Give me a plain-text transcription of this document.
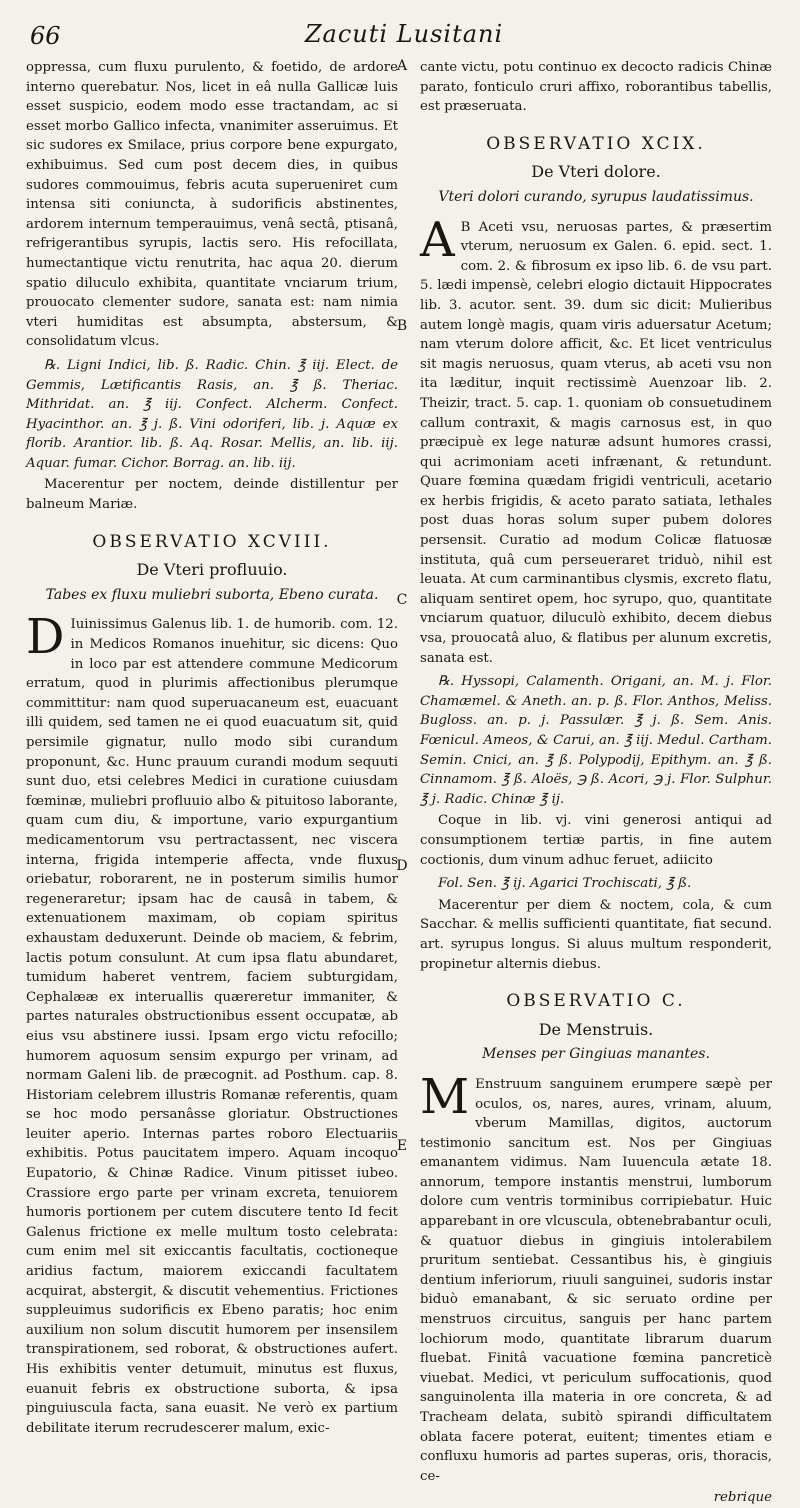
66	Zacuti Lusitani
A
B
C
D
E

oppressa, cum fluxu purulento, & foetido, de ardore interno querebatur. Nos, licet in eâ nulla Gallicæ luis esset suspicio, eodem modo esse tractandam, ac si esset morbo Gallico infecta, vnanimiter asseruimus. Et sic sudores ex Smilace, prius corpore bene expurgato, exhibuimus. Sed cum post decem dies, in quibus sudores commouimus, febris acuta superueniret cum intensa siti coniuncta, à sudorificis abstinentes, ardorem internum temperauimus, venâ sectâ, ptisanâ, refrigerantibus syrupis, lactis sero. His refocillata, humectantique victu renutrita, hac aqua 20. dierum spatio diluculo exhibita, quantitate vnciarum trium, prouocato clementer sudore, sanata est: nam nimia vteri humiditas est absumpta, abstersum, & consolidatum vlcus.

℞. Ligni Indici, lib. ß. Radic. Chin. ℥ iij. Elect. de Gemmis, Lætificantis Rasis, an. ℥ ß. Theriac. Mithridat. an. ℥ iij. Confect. Alcherm. Confect. Hyacinthor. an. ℥ j. ß. Vini odoriferi, lib. j. Aquæ ex florib. Arantior. lib. ß. Aq. Rosar. Mellis, an. lib. iij. Aquar. fumar. Cichor. Borrag. an. lib. iij.

Macerentur per noctem, deinde distillentur per balneum Mariæ.

OBSERVATIO XCVIII.
De Vteri profluuio.
Tabes ex fluxu muliebri suborta, Ebeno curata.

D Iuinissimus Galenus lib. 1. de humorib. com. 12. in Medicos Romanos inuehitur, sic dicens: Quo in loco par est attendere commune Medicorum erratum, quod in plurimis affectionibus plerumque committitur: nam quod superuacaneum est, euacuant illi quidem, sed tamen ne ei quod euacuatum sit, quid persimile gignatur, nullo modo sibi curandum proponunt, &c. Hunc prauum curandi modum sequuti sunt duo, etsi celebres Medici in curatione cuiusdam fœminæ, muliebri profluuio albo & pituitoso laborante, quam cum diu, & importune, vario expurgantium medicamentorum vsu pertractassent, nec viscera interna, frigida intemperie affecta, vnde fluxus oriebatur, roborarent, ne in posterum similis humor regeneraretur; ipsam hac de causâ in tabem, & extenuationem maximam, ob copiam spiritus exhaustam deduxerunt. Deinde ob maciem, & febrim, lactis potum consulunt. At cum ipsa flatu abundaret, tumidum haberet ventrem, faciem subturgidam, Cephalææ ex interuallis quæreretur immaniter, & partes naturales obstructionibus essent occupatæ, ab eius vsu abstinere iussi. Ipsam ergo victu refocillo; humorem aquosum sensim expurgo per vrinam, ad normam Galeni lib. de præcognit. ad Posthum. cap. 8. Historiam celebrem illustris Romanæ referentis, quam se hoc modo persanâsse gloriatur. Obstructiones leuiter aperio. Internas partes roboro Electuariis exhibitis. Potus paucitatem impero. Aquam incoquo Eupatorio, & Chinæ Radice. Vinum pitisset iubeo. Crassiore ergo parte per vrinam excreta, tenuiorem humoris portionem per cutem discutere tento Id fecit Galenus frictione ex melle multum tosto celebrata: cum enim mel sit exiccantis facultatis, coctioneque aridius factum, maiorem exiccandi facultatem acquirat, abstergit, & discutit vehementius. Frictiones suppleuimus sudorificis ex Ebeno paratis; hoc enim auxilium non solum discutit humorem per insensilem transpirationem, sed roborat, & obstructiones aufert. His exhibitis venter detumuit, minutus est fluxus, euanuit febris ex obstructione suborta, & ipsa pinguiuscula facta, sana euasit. Ne verò ex partium debilitate iterum recrudescerer malum, exic-

cante victu, potu continuo ex decocto radicis Chinæ parato, fonticulo cruri affixo, roborantibus tabellis, est præseruata.

OBSERVATIO XCIX.
De Vteri dolore.
Vteri dolori curando, syrupus laudatissimus.

A B Aceti vsu, neruosas partes, & præsertim vterum, neruosum ex Galen. 6. epid. sect. 1. com. 2. & fibrosum ex ipso lib. 6. de vsu part. 5. lædi impensè, celebri elogio dictauit Hippocrates lib. 3. acutor. sent. 39. dum sic dicit: Mulieribus autem longè magis, quam viris aduersatur Acetum; nam vterum dolore afficit, &c. Et licet ventriculus sit magis neruosus, quam vterus, ab aceti vsu non ita læditur, inquit rectissimè Auenzoar lib. 2. Theizir, tract. 5. cap. 1. quoniam ob consuetudinem callum contraxit, & magis carnosus est, in quo præcipuè ex lege naturæ adsunt humores crassi, qui acrimoniam aceti infrænant, & retundunt. Quare fœmina quædam frigidi ventriculi, acetario ex herbis frigidis, & aceto parato satiata, lethales post duas horas solum super pubem dolores persensit. Curatio ad modum Colicæ flatuosæ instituta, quâ cum perseueraret triduò, nihil est leuata. At cum carminantibus clysmis, excreto flatu, aliquam sentiret opem, hoc syrupo, quo, quantitate vnciarum quatuor, diluculò exhibito, decem diebus vsa, prouocatâ aluo, & flatibus per alunum excretis, sanata est.

℞. Hyssopi, Calamenth. Origani, an. M. j. Flor. Chamæmel. & Aneth. an. p. ß. Flor. Anthos, Meliss. Bugloss. an. p. j. Passulær. ℥ j. ß. Sem. Anis. Fœnicul. Ameos, & Carui, an. ℥ iij. Medul. Cartham. Semin. Cnici, an. ℥ ß. Polypodij, Epithym. an. ℥ ß. Cinnamom. ℥ ß. Aloës, ℈ ß. Acori, ℈ j. Flor. Sulphur. ℥ j. Radic. Chinæ ℥ ij.

Coque in lib. vj. vini generosi antiqui ad consumptionem tertiæ partis, in fine autem coctionis, dum vinum adhuc feruet, adiicito

Fol. Sen. ℥ ij. Agarici Trochiscati, ℥ ß.

Macerentur per diem & noctem, cola, & cum Sacchar. & mellis sufficienti quantitate, fiat secund. art. syrupus longus. Si aluus multum responderit, propinetur alternis diebus.

OBSERVATIO C.
De Menstruis.
Menses per Gingiuas manantes.

M Enstruum sanguinem erumpere sæpè per oculos, os, nares, aures, vrinam, aluum, vberum Mamillas, digitos, auctorum testimonio sancitum est. Nos per Gingiuas emanantem vidimus. Nam Iuuencula ætate 18. annorum, tempore instantis menstrui, lumborum dolore cum ventris torminibus corripiebatur. Huic apparebant in ore vlcuscula, obtenebrabantur oculi, & quatuor diebus in gingiuis intolerabilem pruritum sentiebat. Cessantibus his, è gingiuis dentium inferiorum, riuuli sanguinei, sudoris instar biduò emanabant, & sic seruato ordine per menstruos circuitus, sanguis per hanc partem lochiorum modo, quantitate librarum duarum fluebat. Finitâ vacuatione fœmina pancreticè viuebat. Medici, vt periculum suffocationis, quod sanguinolenta illa materia in ore concreta, & ad Tracheam delata, subitò spirandi difficultatem oblata facere poterat, euitent; timentes etiam e confluxu humoris ad partes superas, oris, thoracis, ce-

rebrique
